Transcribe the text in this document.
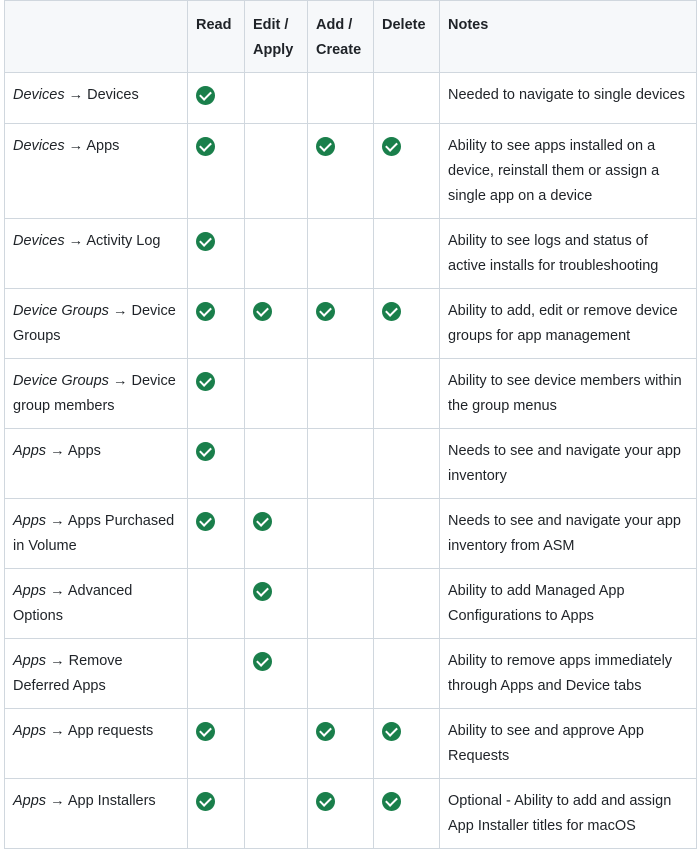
	Read	Edit / Apply	Add / Create	Delete	Notes
Devices → Devices					Needed to navigate to single devices
Devices → Apps					Ability to see apps installed on a device, reinstall them or assign a single app on a device
Devices → Activity Log					Ability to see logs and status of active installs for troubleshooting
Device Groups → Device Groups					Ability to add, edit or remove device groups for app management
Device Groups → Device group members					Ability to see device members within the group menus
Apps → Apps					Needs to see and navigate your app inventory
Apps → Apps Purchased in Volume					Needs to see and navigate your app inventory from ASM
Apps → Advanced Options					Ability to add Managed App Configurations to Apps
Apps → Remove Deferred Apps					Ability to remove apps immediately through Apps and Device tabs
Apps → App requests					Ability to see and approve App Requests
Apps → App Installers					Optional - Ability to add and assign App Installer titles for macOS
